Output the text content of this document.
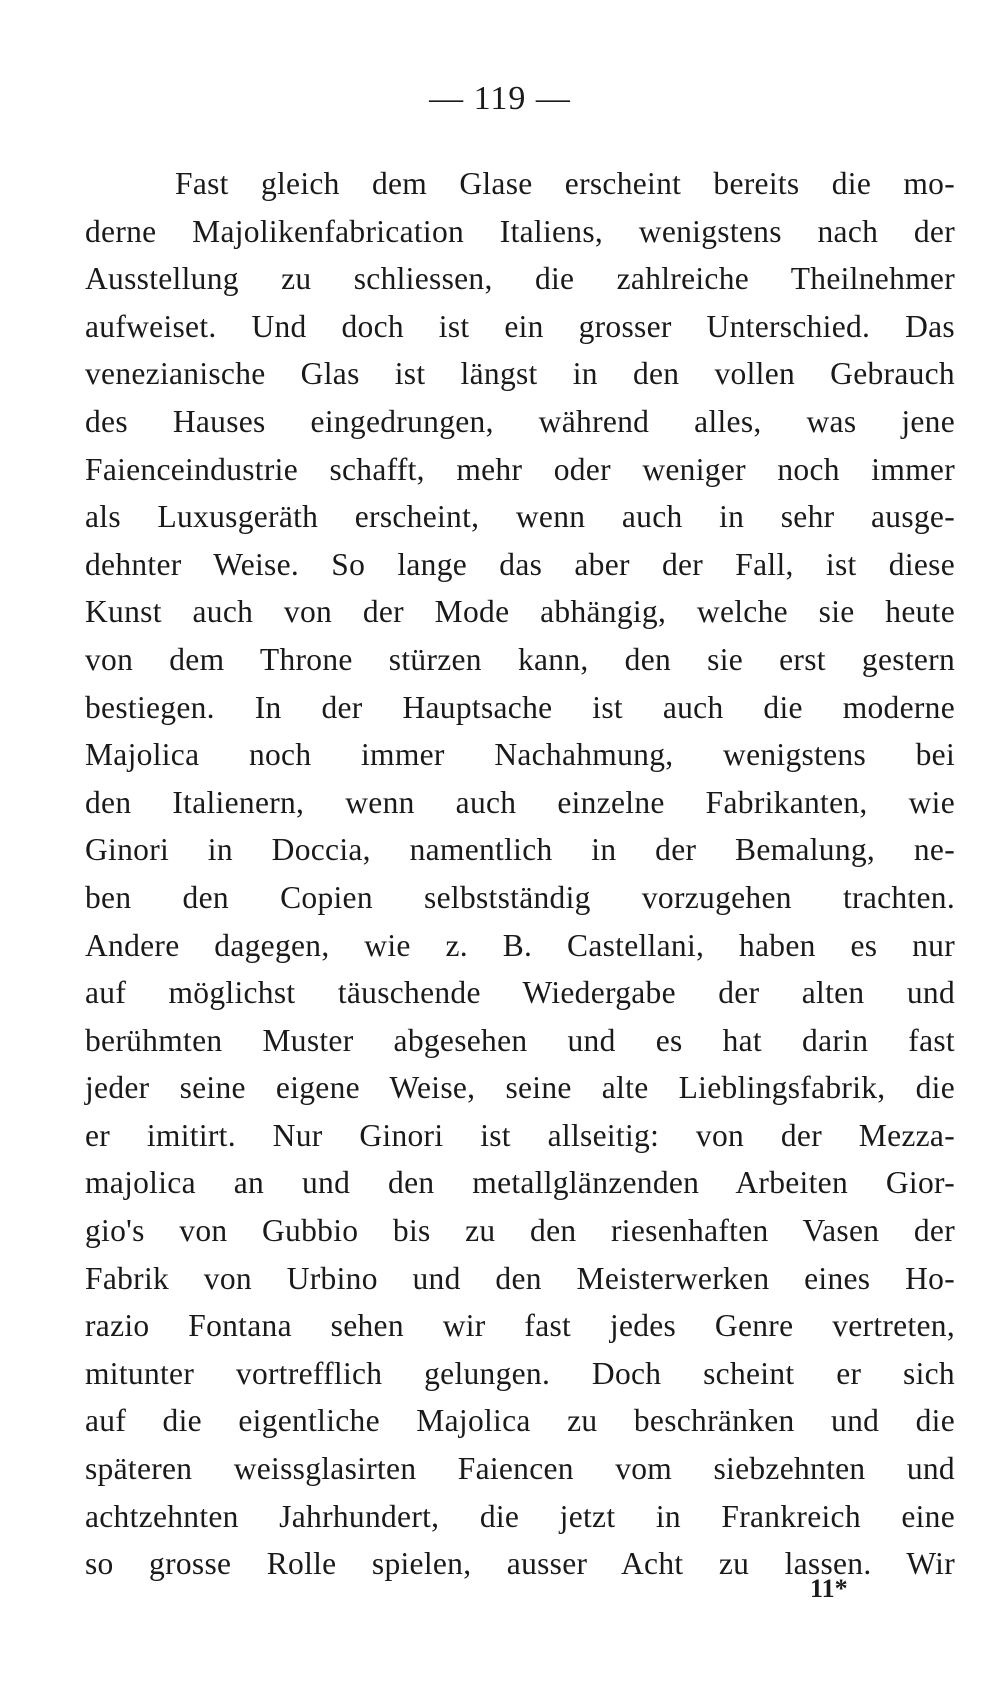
— 119 —
Fast gleich dem Glase erscheint bereits die mo-
derne Majolikenfabrication Italiens, wenigstens nach der
Ausstellung zu schliessen, die zahlreiche Theilnehmer
aufweiset. Und doch ist ein grosser Unterschied. Das
venezianische Glas ist längst in den vollen Gebrauch
des Hauses eingedrungen, während alles, was jene
Faienceindustrie schafft, mehr oder weniger noch immer
als Luxusgeräth erscheint, wenn auch in sehr ausge-
dehnter Weise. So lange das aber der Fall, ist diese
Kunst auch von der Mode abhängig, welche sie heute
von dem Throne stürzen kann, den sie erst gestern
bestiegen. In der Hauptsache ist auch die moderne
Majolica noch immer Nachahmung, wenigstens bei
den Italienern, wenn auch einzelne Fabrikanten, wie
Ginori in Doccia, namentlich in der Bemalung, ne-
ben den Copien selbstständig vorzugehen trachten.
Andere dagegen, wie z. B. Castellani, haben es nur
auf möglichst täuschende Wiedergabe der alten und
berühmten Muster abgesehen und es hat darin fast
jeder seine eigene Weise, seine alte Lieblingsfabrik, die
er imitirt. Nur Ginori ist allseitig: von der Mezza-
majolica an und den metallglänzenden Arbeiten Gior-
gio's von Gubbio bis zu den riesenhaften Vasen der
Fabrik von Urbino und den Meisterwerken eines Ho-
razio Fontana sehen wir fast jedes Genre vertreten,
mitunter vortrefflich gelungen. Doch scheint er sich
auf die eigentliche Majolica zu beschränken und die
späteren weissglasirten Faiencen vom siebzehnten und
achtzehnten Jahrhundert, die jetzt in Frankreich eine
so grosse Rolle spielen, ausser Acht zu lassen. Wir
11*
